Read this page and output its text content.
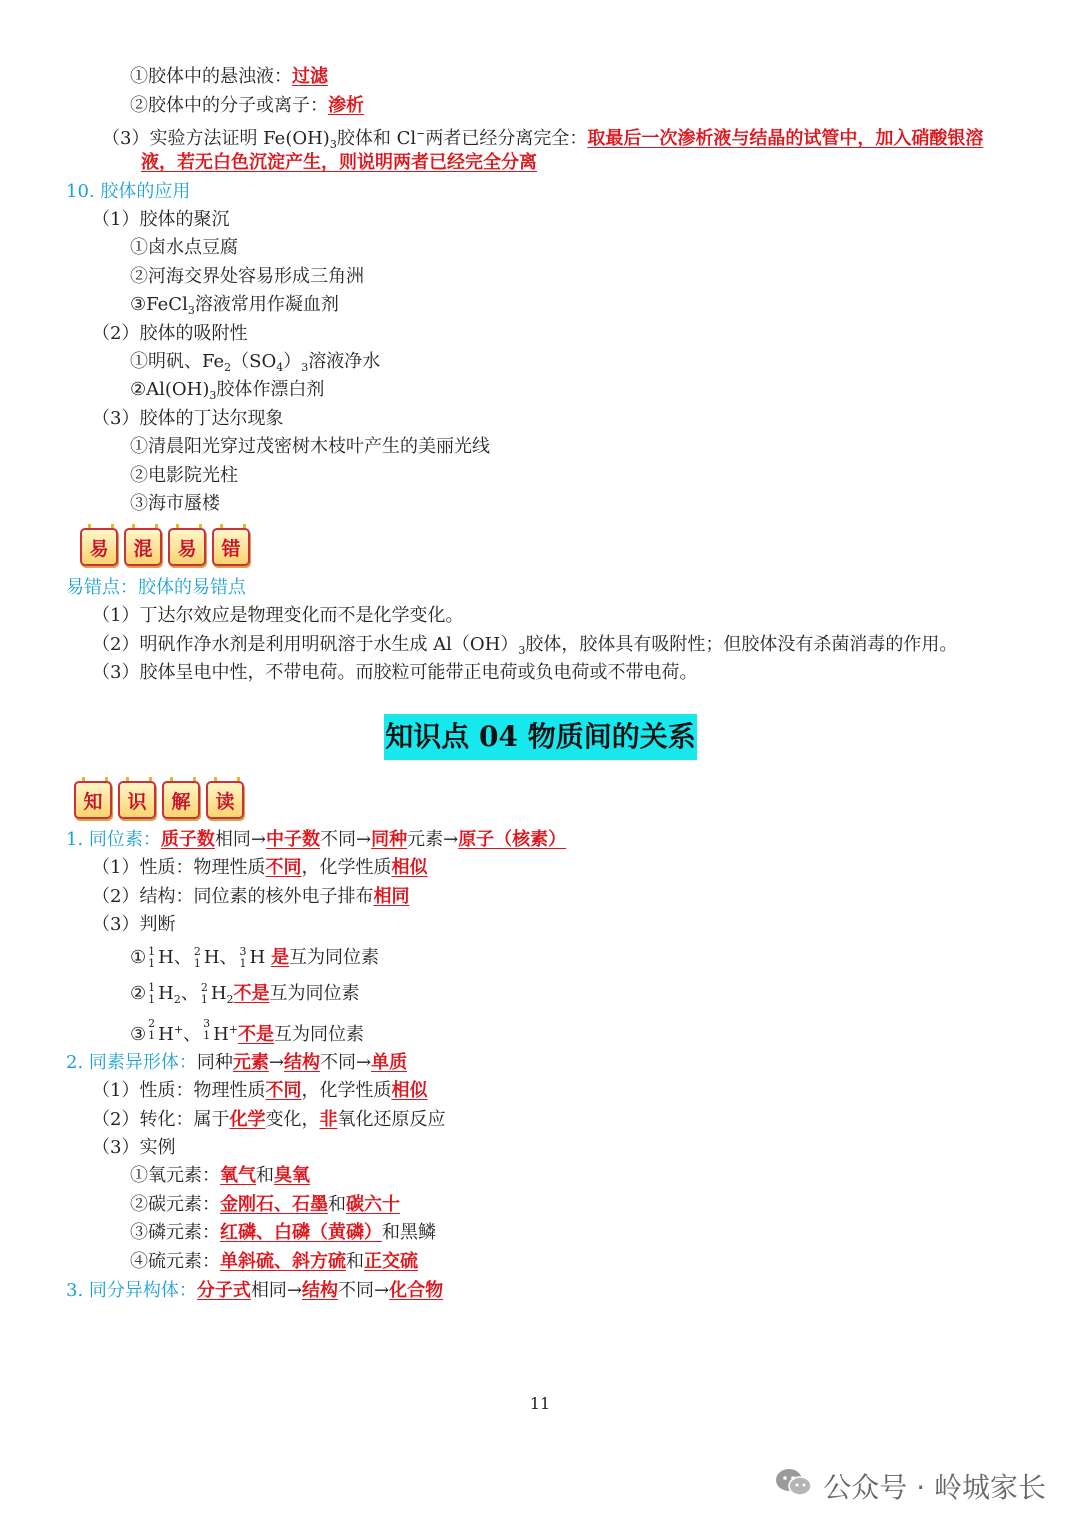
①胶体中的悬浊液：过滤
②胶体中的分子或离子：渗析
（3）实验方法证明 $Fe(OH)_3$胶体和 Cl−两者已经分离完全：取最后一次渗析液与结晶的试管中，加入硝酸银溶
液，若无白色沉淀产生，则说明两者已经完全分离
10. 胶体的应用
（1）胶体的聚沉
①卤水点豆腐
②河海交界处容易形成三角洲
③FeCl$_3$溶液常用作凝血剂
（2）胶体的吸附性
①明矾、$Fe_2(SO_4)_3$溶液净水
$②Al(OH)_3$胶体作漂白剂
（3）胶体的丁达尔现象
①清晨阳光穿过茂密树木枝叶产生的美丽光线
②电影院光柱
③海市蜃楼
易	混	易	错
易错点：胶体的易错点
（1）丁达尔效应是物理变化而不是化学变化。
（2）明矾作净水剂是利用明矾溶于水生成 $Al(OH)_3$胶体，胶体具有吸附性；但胶体没有杀菌消毒的作用。
（3）胶体呈电中性，不带电荷。而胶粒可能带正电荷或负电荷或不带电荷。
知识点 04 物质间的关系
知	识	解	读
1. 同位素：质子数相同→中子数不同→同种元素→原子（核素）
（1）性质：物理性质不同，化学性质相似
（2）结构：同位素的核外电子排布相同
（3）判断
① 1
1 H、 2
1 H、 3
1 H 是互为同位素
② 1
1 $H_2$、 2
1 $H_2$不是互为同位素
③
2
1 H+、
3
1 H+不是互为同位素
2. 同素异形体：同种元素→结构不同→单质
（1）性质：物理性质不同，化学性质相似
（2）转化：属于化学变化，非氧化还原反应
（3）实例
①氧元素：氧气和臭氧
②碳元素：金刚石、石墨和碳六十
③磷元素：红磷、白磷（黄磷）和黑鳞
④硫元素：单斜硫、斜方硫和正交硫
3. 同分异构体：分子式相同→结构不同→化合物
11
公众号 · 岭城家长
